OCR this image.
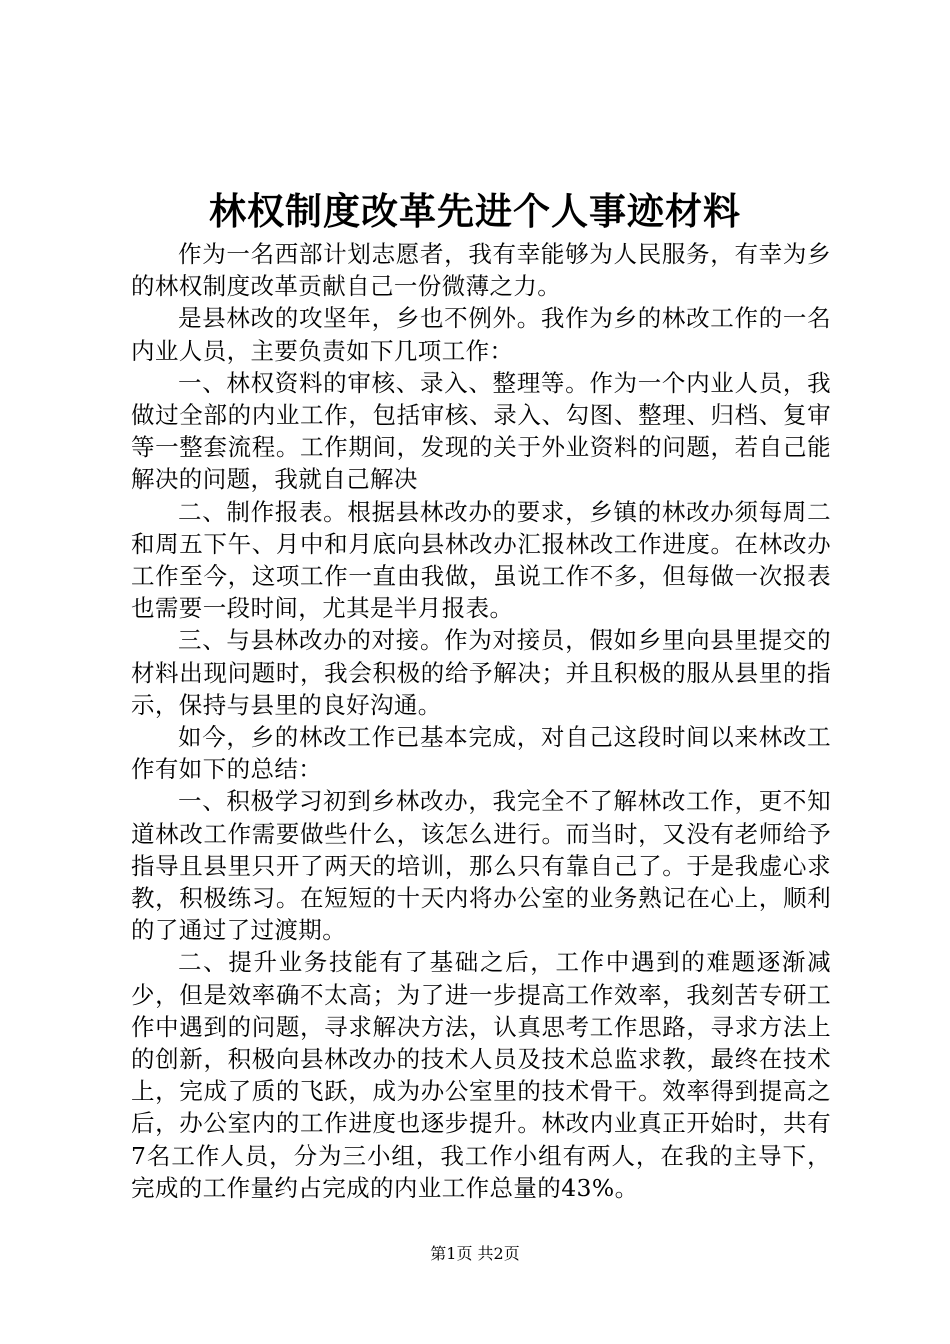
林权制度改革先进个人事迹材料

作为一名西部计划志愿者，我有幸能够为人民服务，有幸为乡的林权制度改革贡献自己一份微薄之力。

是县林改的攻坚年，乡也不例外。我作为乡的林改工作的一名内业人员，主要负责如下几项工作：

一、林权资料的审核、录入、整理等。作为一个内业人员，我做过全部的内业工作，包括审核、录入、勾图、整理、归档、复审等一整套流程。工作期间，发现的关于外业资料的问题，若自己能解决的问题，我就自己解决

二、制作报表。根据县林改办的要求，乡镇的林改办须每周二和周五下午、月中和月底向县林改办汇报林改工作进度。在林改办工作至今，这项工作一直由我做，虽说工作不多，但每做一次报表也需要一段时间，尤其是半月报表。

三、与县林改办的对接。作为对接员，假如乡里向县里提交的材料出现问题时，我会积极的给予解决；并且积极的服从县里的指示，保持与县里的良好沟通。

如今，乡的林改工作已基本完成，对自己这段时间以来林改工作有如下的总结：

一、积极学习初到乡林改办，我完全不了解林改工作，更不知道林改工作需要做些什么，该怎么进行。而当时，又没有老师给予指导且县里只开了两天的培训，那么只有靠自己了。于是我虚心求教，积极练习。在短短的十天内将办公室的业务熟记在心上，顺利的了通过了过渡期。

二、提升业务技能有了基础之后，工作中遇到的难题逐渐减少，但是效率确不太高；为了进一步提高工作效率，我刻苦专研工作中遇到的问题，寻求解决方法，认真思考工作思路，寻求方法上的创新，积极向县林改办的技术人员及技术总监求教，最终在技术上，完成了质的飞跃，成为办公室里的技术骨干。效率得到提高之后，办公室内的工作进度也逐步提升。林改内业真正开始时，共有7名工作人员，分为三小组，我工作小组有两人，在我的主导下，完成的工作量约占完成的内业工作总量的43%。

第1页 共2页
